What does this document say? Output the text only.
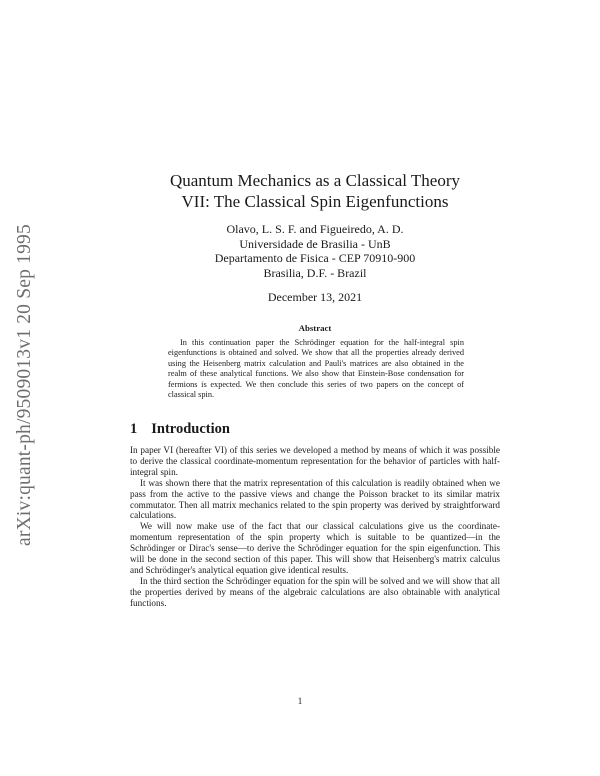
arXiv:quant-ph/9509013v1 20 Sep 1995
Quantum Mechanics as a Classical Theory
VII: The Classical Spin Eigenfunctions
Olavo, L. S. F. and Figueiredo, A. D.
Universidade de Brasilia - UnB
Departamento de Fisica - CEP 70910-900
Brasilia, D.F. - Brazil
December 13, 2021
Abstract

In this continuation paper the Schrödinger equation for the half-integral spin eigenfunctions is obtained and solved. We show that all the properties already derived using the Heisenberg matrix calculation and Pauli's matrices are also obtained in the realm of these analytical functions. We also show that Einstein-Bose condensation for fermions is expected. We then conclude this series of two papers on the concept of classical spin.

1 Introduction

In paper VI (hereafter VI) of this series we developed a method by means of which it was possible to derive the classical coordinate-momentum representation for the behavior of particles with half-integral spin.

It was shown there that the matrix representation of this calculation is readily obtained when we pass from the active to the passive views and change the Poisson bracket to its similar matrix commutator. Then all matrix mechanics related to the spin property was derived by straightforward calculations.

We will now make use of the fact that our classical calculations give us the coordinate-momentum representation of the spin property which is suitable to be quantized—in the Schrödinger or Dirac's sense—to derive the Schrödinger equation for the spin eigenfunction. This will be done in the second section of this paper. This will show that Heisenberg's matrix calculus and Schrödinger's analytical equation give identical results.

In the third section the Schrödinger equation for the spin will be solved and we will show that all the properties derived by means of the algebraic calculations are also obtainable with analytical functions.

1
